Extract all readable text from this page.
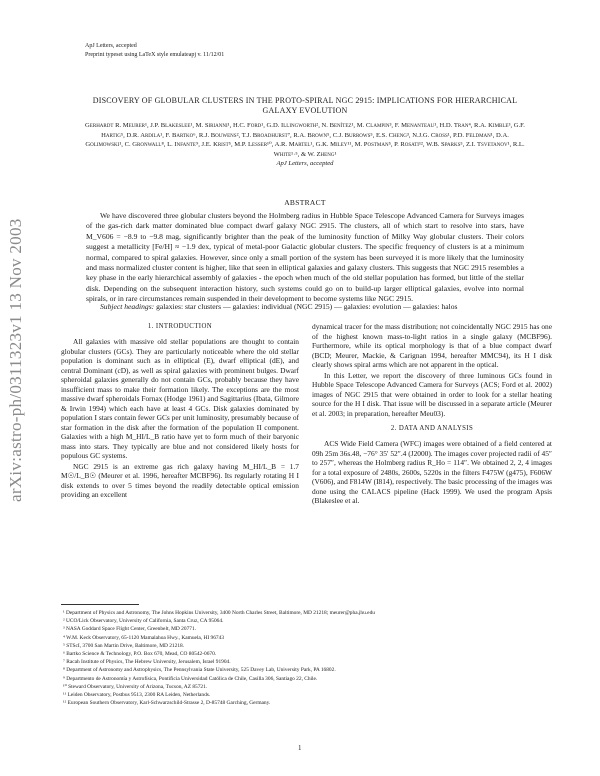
ApJ Letters, accepted
Preprint typeset using LaTeX style emulateapj v. 11/12/01
arXiv:astro-ph/0311323v1 13 Nov 2003
DISCOVERY OF GLOBULAR CLUSTERS IN THE PROTO-SPIRAL NGC 2915: IMPLICATIONS FOR HIERARCHICAL GALAXY EVOLUTION
Gerhardt R. Meurer¹, J.P. Blakeslee¹, M. Sirianni¹, H.C. Ford¹, G.D. Illingworth², N. Benítez¹, M. Clampin³, F. Menanteau¹, H.D. Tran⁴, R.A. Kimble³, G.F. Hartig⁵, D.R. Ardila¹, F. Bartko⁶, R.J. Bouwens², T.J. Broadhurst⁷, R.A. Brown⁵, C.J. Burrows⁵, E.S. Cheng³, N.J.G. Cross¹, P.D. Feldman¹, D.A. Golimowski¹, C. Gronwall⁸, L. Infante⁹, J.E. Krist⁵, M.P. Lesser¹⁰, A.R. Martel¹, G.K. Miley¹¹, M. Postman⁵, P. Rosati¹², W.B. Sparks⁵, Z.I. Tsvetanov¹, R.L. White¹·⁵, & W. Zheng¹
ApJ Letters, accepted
ABSTRACT
We have discovered three globular clusters beyond the Holmberg radius in Hubble Space Telescope Advanced Camera for Surveys images of the gas-rich dark matter dominated blue compact dwarf galaxy NGC 2915. The clusters, all of which start to resolve into stars, have M_V606 = −8.9 to −9.8 mag, significantly brighter than the peak of the luminosity function of Milky Way globular clusters. Their colors suggest a metallicity [Fe/H] ≈ −1.9 dex, typical of metal-poor Galactic globular clusters. The specific frequency of clusters is at a minimum normal, compared to spiral galaxies. However, since only a small portion of the system has been surveyed it is more likely that the luminosity and mass normalized cluster content is higher, like that seen in elliptical galaxies and galaxy clusters. This suggests that NGC 2915 resembles a key phase in the early hierarchical assembly of galaxies - the epoch when much of the old stellar population has formed, but little of the stellar disk. Depending on the subsequent interaction history, such systems could go on to build-up larger elliptical galaxies, evolve into normal spirals, or in rare circumstances remain suspended in their development to become systems like NGC 2915.
Subject headings: galaxies: star clusters — galaxies: individual (NGC 2915) — galaxies: evolution — galaxies: halos
1. INTRODUCTION

All galaxies with massive old stellar populations are thought to contain globular clusters (GCs). They are particularly noticeable where the old stellar population is dominant such as in elliptical (E), dwarf elliptical (dE), and central Dominant (cD), as well as spiral galaxies with prominent bulges. Dwarf spheroidal galaxies generally do not contain GCs, probably because they have insufficient mass to make their formation likely. The exceptions are the most massive dwarf spheroidals Fornax (Hodge 1961) and Sagittarius (Ibata, Gilmore & Irwin 1994) which each have at least 4 GCs. Disk galaxies dominated by population I stars contain fewer GCs per unit luminosity, presumably because of star formation in the disk after the formation of the population II component. Galaxies with a high M_HI/L_B ratio have yet to form much of their baryonic mass into stars. They typically are blue and not considered likely hosts for populous GC systems.

NGC 2915 is an extreme gas rich galaxy having M_HI/L_B = 1.7 M☉/L_B☉ (Meurer et al. 1996, hereafter MCBF96). Its regularly rotating H I disk extends to over 5 times beyond the readily detectable optical emission providing an excellent

dynamical tracer for the mass distribution; not coincidentally NGC 2915 has one of the highest known mass-to-light ratios in a single galaxy (MCBF96). Furthermore, while its optical morphology is that of a blue compact dwarf (BCD; Meurer, Mackie, & Carignan 1994, hereafter MMC94), its H I disk clearly shows spiral arms which are not apparent in the optical.

In this Letter, we report the discovery of three luminous GCs found in Hubble Space Telescope Advanced Camera for Surveys (ACS; Ford et al. 2002) images of NGC 2915 that were obtained in order to look for a stellar heating source for the H I disk. That issue will be discussed in a separate article (Meurer et al. 2003; in preparation, hereafter Meu03).

2. DATA AND ANALYSIS

ACS Wide Field Camera (WFC) images were obtained of a field centered at 09h 25m 36s.48, −76° 35′ 52″.4 (J2000). The images cover projected radii of 45″ to 257″, whereas the Holmberg radius R_Ho = 114″. We obtained 2, 2, 4 images for a total exposure of 2480s, 2600s, 5220s in the filters F475W (g475), F606W (V606), and F814W (I814), respectively. The basic processing of the images was done using the CALACS pipeline (Hack 1999). We used the program Apsis (Blakeslee et al.

¹ Department of Physics and Astronomy, The Johns Hopkins University, 3400 North Charles Street, Baltimore, MD 21218; meurer@pha.jhu.edu
² UCO/Lick Observatory, University of California, Santa Cruz, CA 95064.
³ NASA Goddard Space Flight Center, Greenbelt, MD 20771.
⁴ W.M. Keck Observatory, 65-1120 Mamalahoa Hwy., Kamuela, HI 96743
⁵ STScI, 3700 San Martin Drive, Baltimore, MD 21218.
⁶ Bartko Science & Technology, P.O. Box 670, Mead, CO 80542-0670.
⁷ Racah Institute of Physics, The Hebrew University, Jerusalem, Israel 91904.
⁸ Department of Astronomy and Astrophysics, The Pennsylvania State University, 525 Davey Lab, University Park, PA 16802.
⁹ Departmento de Astronomía y Astrofísica, Pontificia Universidad Católica de Chile, Casilla 306, Santiago 22, Chile.
¹⁰ Steward Observatory, University of Arizona, Tucson, AZ 85721.
¹¹ Leiden Observatory, Postbus 9513, 2300 RA Leiden, Netherlands.
¹² European Southern Observatory, Karl-Schwarzschild-Strasse 2, D-85748 Garching, Germany.
1
